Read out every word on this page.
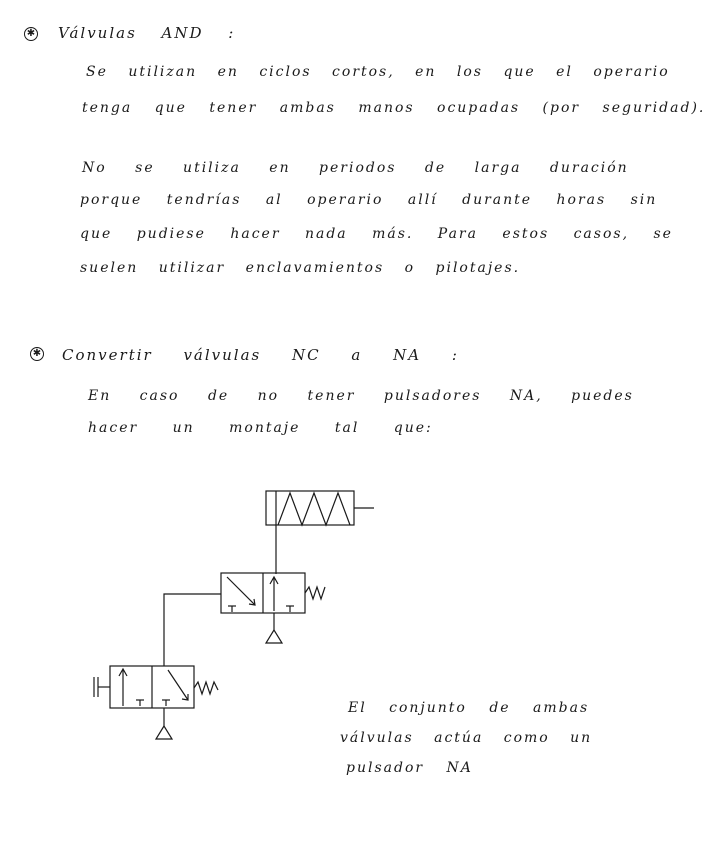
✱ Válvulas AND :
Se utilizan en ciclos cortos, en los que el operario
tenga que tener ambas manos ocupadas (por seguridad).
No se utiliza en periodos de larga duración
porque tendrías al operario allí durante horas sin
que pudiese hacer nada más. Para estos casos, se
suelen utilizar enclavamientos o pilotajes.
✱ Convertir válvulas NC a NA :
En caso de no tener pulsadores NA, puedes
hacer un montaje tal que:
El conjunto de ambas
válvulas actúa como un
pulsador NA
